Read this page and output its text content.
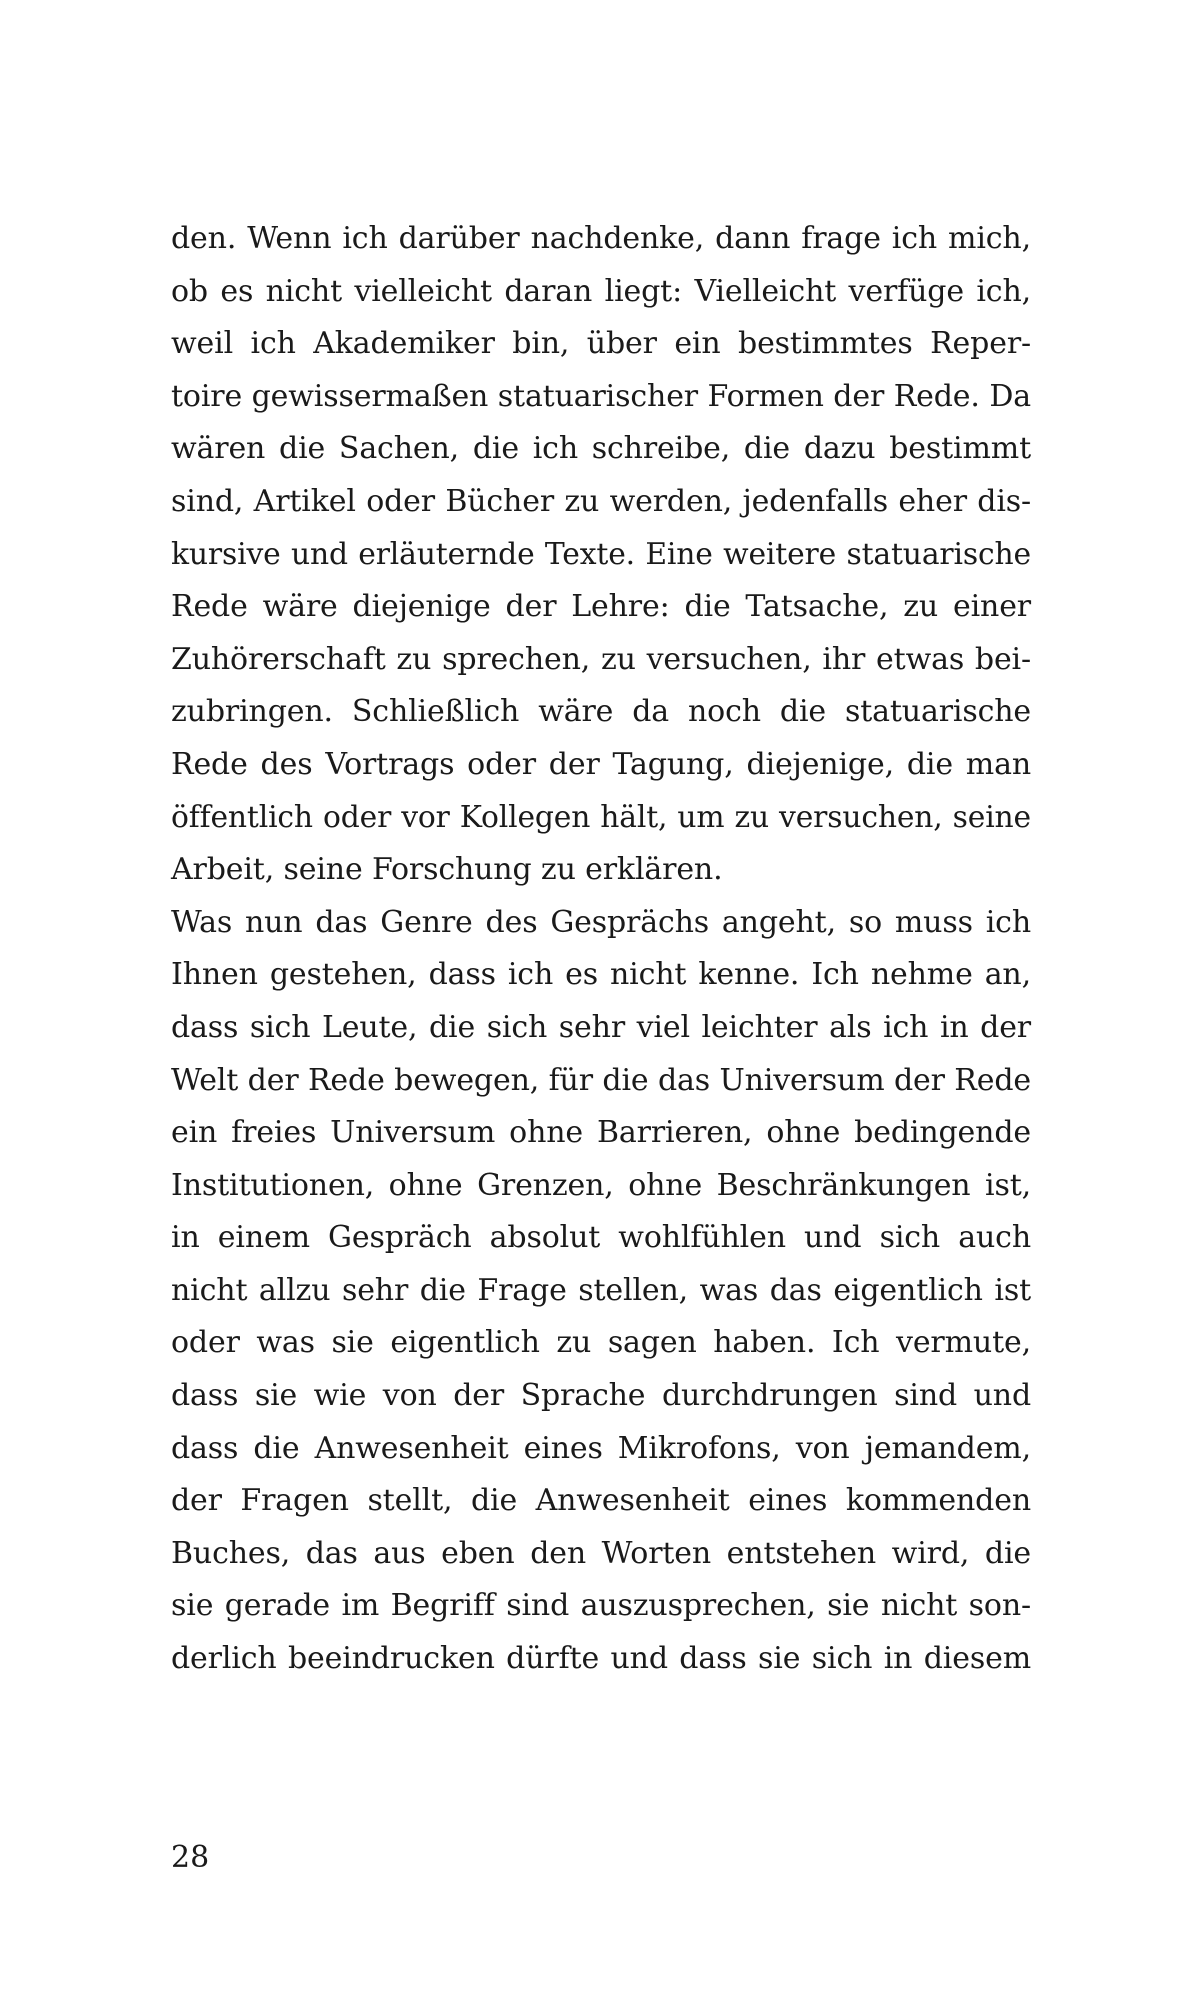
den. Wenn ich darüber nachdenke, dann frage ich mich,
ob es nicht vielleicht daran liegt: Vielleicht verfüge ich,
weil ich Akademiker bin, über ein bestimmtes Reper-
toire gewissermaßen statuarischer Formen der Rede. Da
wären die Sachen, die ich schreibe, die dazu bestimmt
sind, Artikel oder Bücher zu werden, jedenfalls eher dis-
kursive und erläuternde Texte. Eine weitere statuarische
Rede wäre diejenige der Lehre: die Tatsache, zu einer
Zuhörerschaft zu sprechen, zu versuchen, ihr etwas bei-
zubringen. Schließlich wäre da noch die statuarische
Rede des Vortrags oder der Tagung, diejenige, die man
öffentlich oder vor Kollegen hält, um zu versuchen, seine
Arbeit, seine Forschung zu erklären.
Was nun das Genre des Gesprächs angeht, so muss ich
Ihnen gestehen, dass ich es nicht kenne. Ich nehme an,
dass sich Leute, die sich sehr viel leichter als ich in der
Welt der Rede bewegen, für die das Universum der Rede
ein freies Universum ohne Barrieren, ohne bedingende
Institutionen, ohne Grenzen, ohne Beschränkungen ist,
in einem Gespräch absolut wohlfühlen und sich auch
nicht allzu sehr die Frage stellen, was das eigentlich ist
oder was sie eigentlich zu sagen haben. Ich vermute,
dass sie wie von der Sprache durchdrungen sind und
dass die Anwesenheit eines Mikrofons, von jemandem,
der Fragen stellt, die Anwesenheit eines kommenden
Buches, das aus eben den Worten entstehen wird, die
sie gerade im Begriff sind auszusprechen, sie nicht son-
derlich beeindrucken dürfte und dass sie sich in diesem
28
